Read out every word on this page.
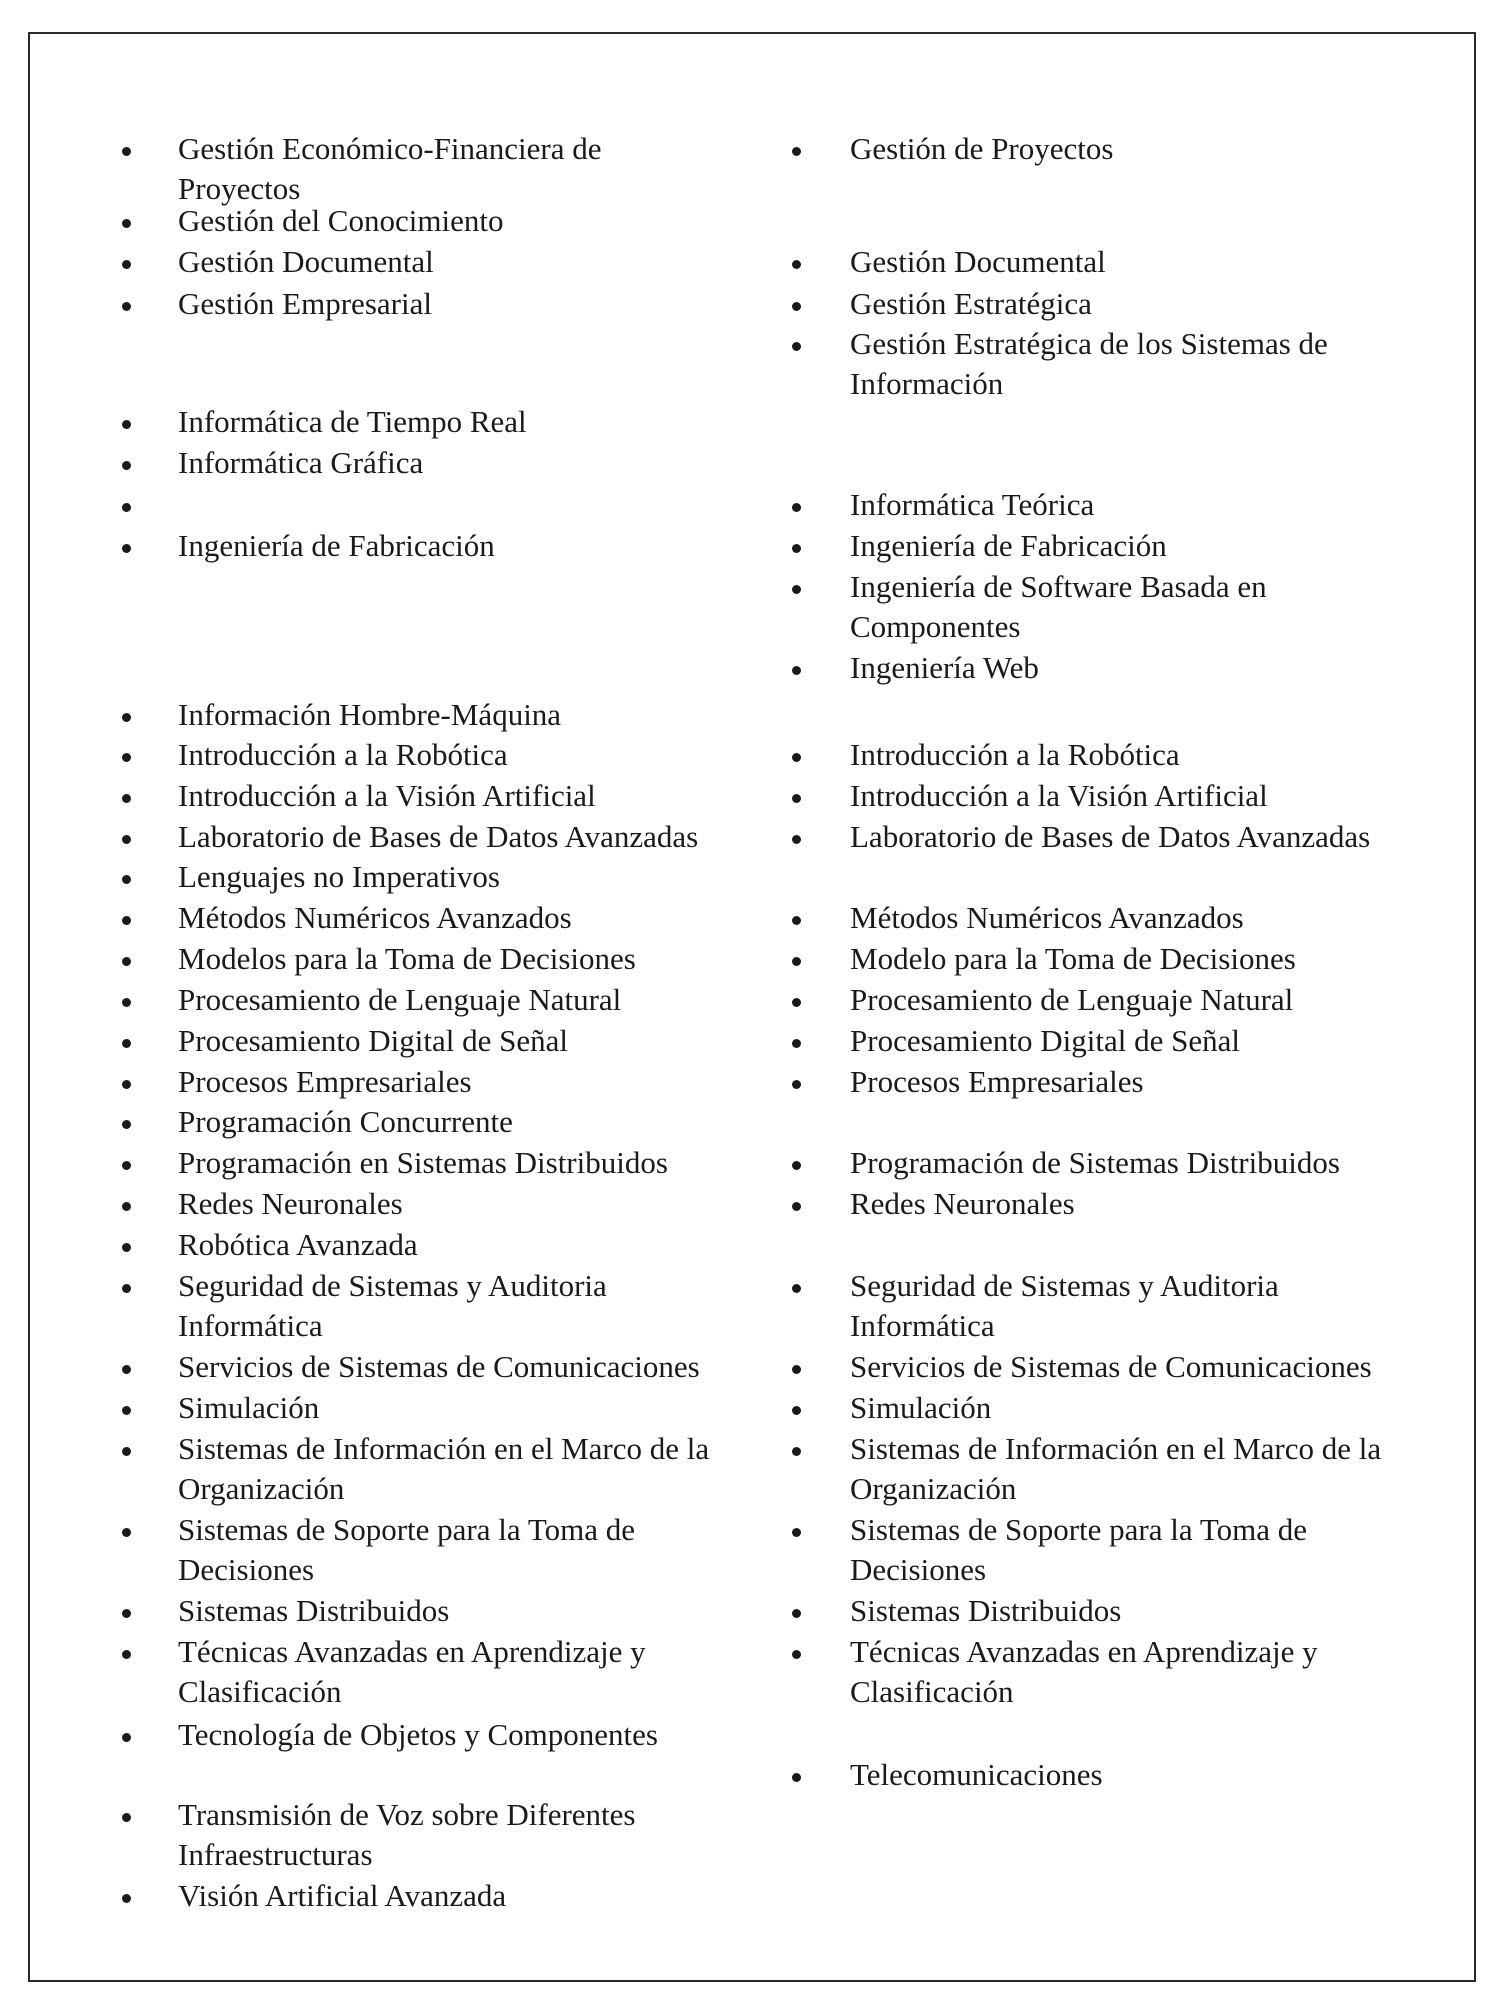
Gestión Económico-Financiera de
Proyectos
Gestión del Conocimiento
Gestión Documental
Gestión Empresarial
Informática de Tiempo Real
Informática Gráfica
Ingeniería de Fabricación
Información Hombre-Máquina
Introducción a la Robótica
Introducción a la Visión Artificial
Laboratorio de Bases de Datos Avanzadas
Lenguajes no Imperativos
Métodos Numéricos Avanzados
Modelos para la Toma de Decisiones
Procesamiento de Lenguaje Natural
Procesamiento Digital de Señal
Procesos Empresariales
Programación Concurrente
Programación en Sistemas Distribuidos
Redes Neuronales
Robótica Avanzada
Seguridad de Sistemas y Auditoria
Informática
Servicios de Sistemas de Comunicaciones
Simulación
Sistemas de Información en el Marco de la
Organización
Sistemas de Soporte para la Toma de
Decisiones
Sistemas Distribuidos
Técnicas Avanzadas en Aprendizaje y
Clasificación
Tecnología de Objetos y Componentes
Transmisión de Voz sobre Diferentes
Infraestructuras
Visión Artificial Avanzada
Gestión de Proyectos
Gestión Documental
Gestión Estratégica
Gestión Estratégica de los Sistemas de
Información
Informática Teórica
Ingeniería de Fabricación
Ingeniería de Software Basada en
Componentes
Ingeniería Web
Introducción a la Robótica
Introducción a la Visión Artificial
Laboratorio de Bases de Datos Avanzadas
Métodos Numéricos Avanzados
Modelo para la Toma de Decisiones
Procesamiento de Lenguaje Natural
Procesamiento Digital de Señal
Procesos Empresariales
Programación de Sistemas Distribuidos
Redes Neuronales
Seguridad de Sistemas y Auditoria
Informática
Servicios de Sistemas de Comunicaciones
Simulación
Sistemas de Información en el Marco de la
Organización
Sistemas de Soporte para la Toma de
Decisiones
Sistemas Distribuidos
Técnicas Avanzadas en Aprendizaje y
Clasificación
Telecomunicaciones
